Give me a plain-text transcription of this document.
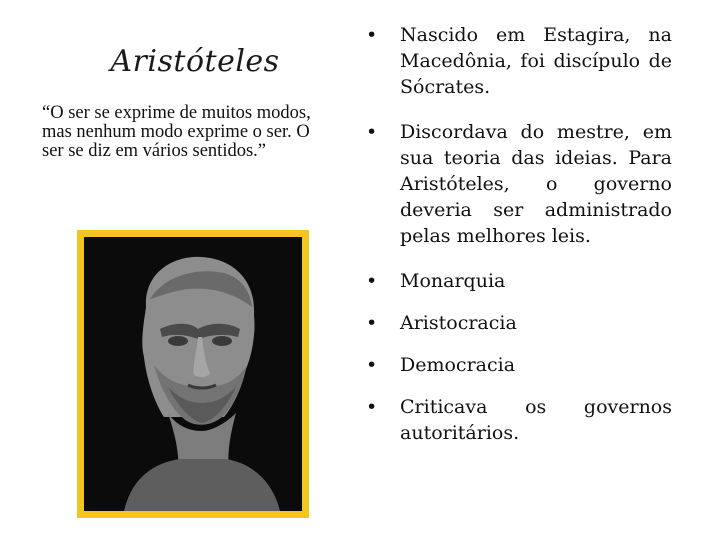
Aristóteles
“O ser se exprime de muitos modos, mas nenhum modo exprime o ser. O ser se diz em vários sentidos.”
•	Nascido em Estagira, na Macedônia, foi discípulo de Sócrates.
•	Discordava do mestre, em sua teoria das ideias. Para Aristóteles, o governo deveria ser administrado pelas melhores leis.
•	Monarquia
•	Aristocracia
•	Democracia
•	Criticava os governos autoritários.
